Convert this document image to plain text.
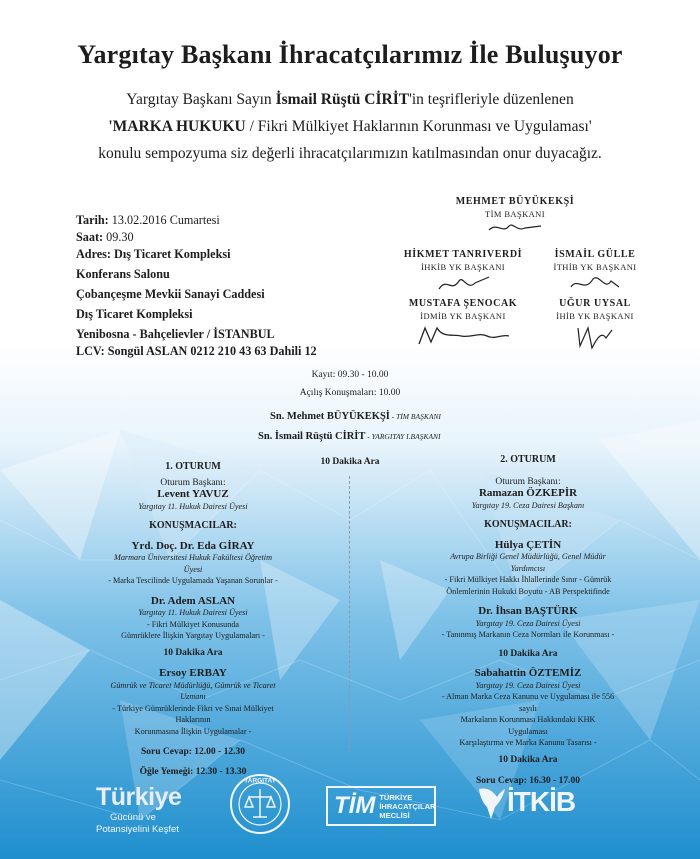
Yargıtay Başkanı İhracatçılarımız İle Buluşuyor
Yargıtay Başkanı Sayın İsmail Rüştü CİRİT'in teşrifleriyle düzenlenen
'MARKA HUKUKU / Fikri Mülkiyet Haklarının Korunması ve Uygulaması'
konulu sempozyuma siz değerli ihracatçılarımızın katılmasından onur duyacağız.
Tarih: 13.02.2016 Cumartesi
Saat: 09.30
Adres: Dış Ticaret Kompleksi
Konferans Salonu
Çobançeşme Mevkii Sanayi Caddesi
Dış Ticaret Kompleksi
Yenibosna - Bahçelievler / İSTANBUL
LCV: Songül ASLAN 0212 210 43 63 Dahili 12
MEHMET BÜYÜKEKŞİ
TİM BAŞKANI
HİKMET TANRIVERDİ
İHKİB YK BAŞKANI
İSMAİL GÜLLE
İTHİB YK BAŞKANI
MUSTAFA ŞENOCAK
İDMİB YK BAŞKANI
UĞUR UYSAL
İHİB YK BAŞKANI
Kayıt: 09.30 - 10.00
Açılış Konuşmaları: 10.00
Sn. Mehmet BÜYÜKEKŞİ - TİM BAŞKANI
Sn. İsmail Rüştü CİRİT - YARGITAY I.BAŞKANI
10 Dakika Ara
1. OTURUM
Oturum Başkanı:
Levent YAVUZ
Yargıtay 11. Hukuk Dairesi Üyesi
KONUŞMACILAR:
Yrd. Doç. Dr. Eda GİRAY
Marmara Üniversitesi Hukuk Fakültesi Öğretim Üyesi
- Marka Tescilinde Uygulamada Yaşanan Sorunlar -
Dr. Adem ASLAN
Yargıtay 11. Hukuk Dairesi Üyesi
- Fikri Mülkiyet Konusunda
Gümrüklere İlişkin Yargıtay Uygulamaları -
10 Dakika Ara
Ersoy ERBAY
Gümrük ve Ticaret Müdürlüğü, Gümrük ve Ticaret Uzmanı
- Türkiye Gümrüklerinde Fikri ve Sınai Mülkiyet Haklarının
Korunmasına İlişkin Uygulamalar -
Soru Cevap: 12.00 - 12.30
Öğle Yemeği: 12.30 - 13.30
2. OTURUM
Oturum Başkanı:
Ramazan ÖZKEPİR
Yargıtay 19. Ceza Dairesi Başkanı
KONUŞMACILAR:
Hülya ÇETİN
Avrupa Birliği Genel Müdürlüğü, Genel Müdür Yardımcısı
- Fikri Mülkiyet Hakkı İhlallerinde Sınır - Gümrük
Önlemlerinin Hukuki Boyutu - AB Perspektifinde
Dr. İhsan BAŞTÜRK
Yargıtay 19. Ceza Dairesi Üyesi
- Tanınmış Markanın Ceza Normları ile Korunması -
10 Dakika Ara
Sabahattin ÖZTEMİZ
Yargıtay 19. Ceza Dairesi Üyesi
- Alman Marka Ceza Kanunu ve Uygulaması ile 556 sayılı
Markaların Korunması Hakkındaki KHK Uygulaması
Karşılaştırma ve Marka Kanunu Tasarısı -
10 Dakika Ara
Soru Cevap: 16.30 - 17.00
Türkiye
Gücünü ve
Potansiyelini Keşfet
YARGITAY
TİM TÜRKİYE
İHRACATÇILAR
MECLİSİ	İTKİB
